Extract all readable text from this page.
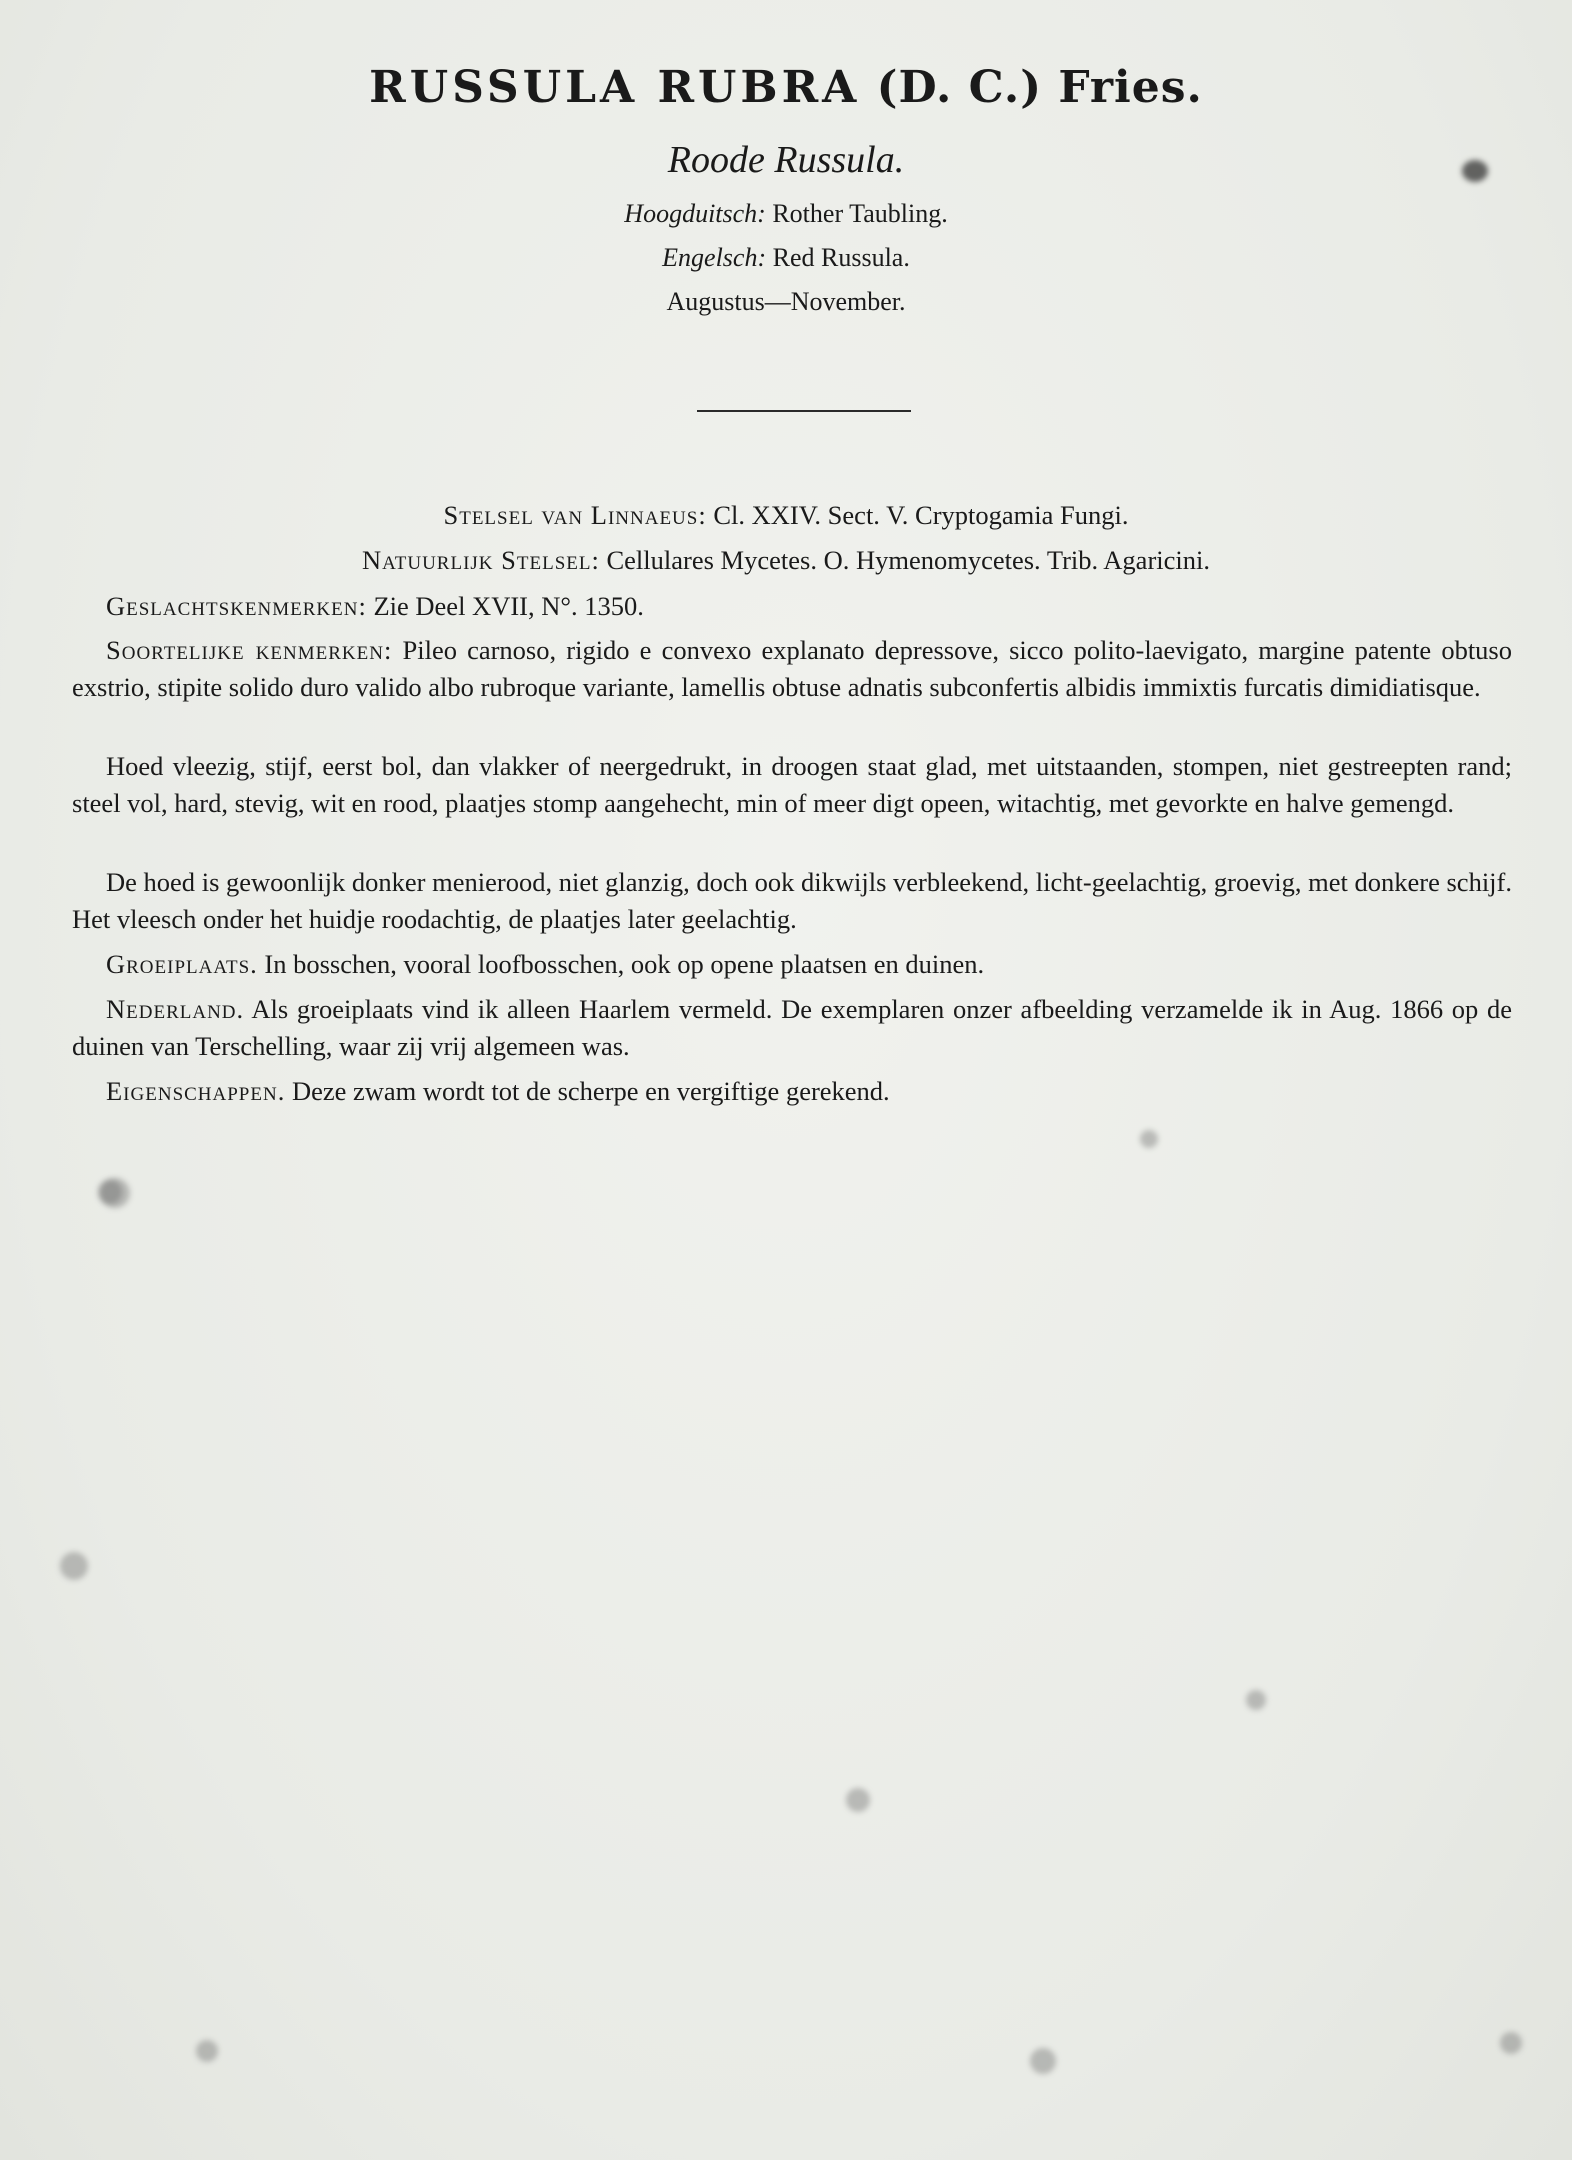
RUSSULA RUBRA (D. C.) Fries.
Roode Russula.
Hoogduitsch: Rother Taubling.
Engelsch: Red Russula.
Augustus—November.
Stelsel van Linnaeus: Cl. XXIV. Sect. V. Cryptogamia Fungi.
Natuurlijk Stelsel: Cellulares Mycetes. O. Hymenomycetes. Trib. Agaricini.
Geslachtskenmerken: Zie Deel XVII, N°. 1350.

Soortelijke kenmerken: Pileo carnoso, rigido e convexo explanato depressove, sicco polito-laevigato, margine patente obtuso exstrio, stipite solido duro valido albo rubroque variante, lamellis obtuse adnatis subconfertis albidis immixtis furcatis dimidiatisque.

Hoed vleezig, stijf, eerst bol, dan vlakker of neergedrukt, in droogen staat glad, met uitstaanden, stompen, niet gestreepten rand; steel vol, hard, stevig, wit en rood, plaatjes stomp aangehecht, min of meer digt opeen, witachtig, met gevorkte en halve gemengd.

De hoed is gewoonlijk donker menierood, niet glanzig, doch ook dikwijls verbleekend, licht-geelachtig, groevig, met donkere schijf. Het vleesch onder het huidje roodachtig, de plaatjes later geelachtig.

Groeiplaats. In bosschen, vooral loofbosschen, ook op opene plaatsen en duinen.

Nederland. Als groeiplaats vind ik alleen Haarlem vermeld. De exemplaren onzer afbeelding verzamelde ik in Aug. 1866 op de duinen van Terschelling, waar zij vrij algemeen was.

Eigenschappen. Deze zwam wordt tot de scherpe en vergiftige gerekend.
